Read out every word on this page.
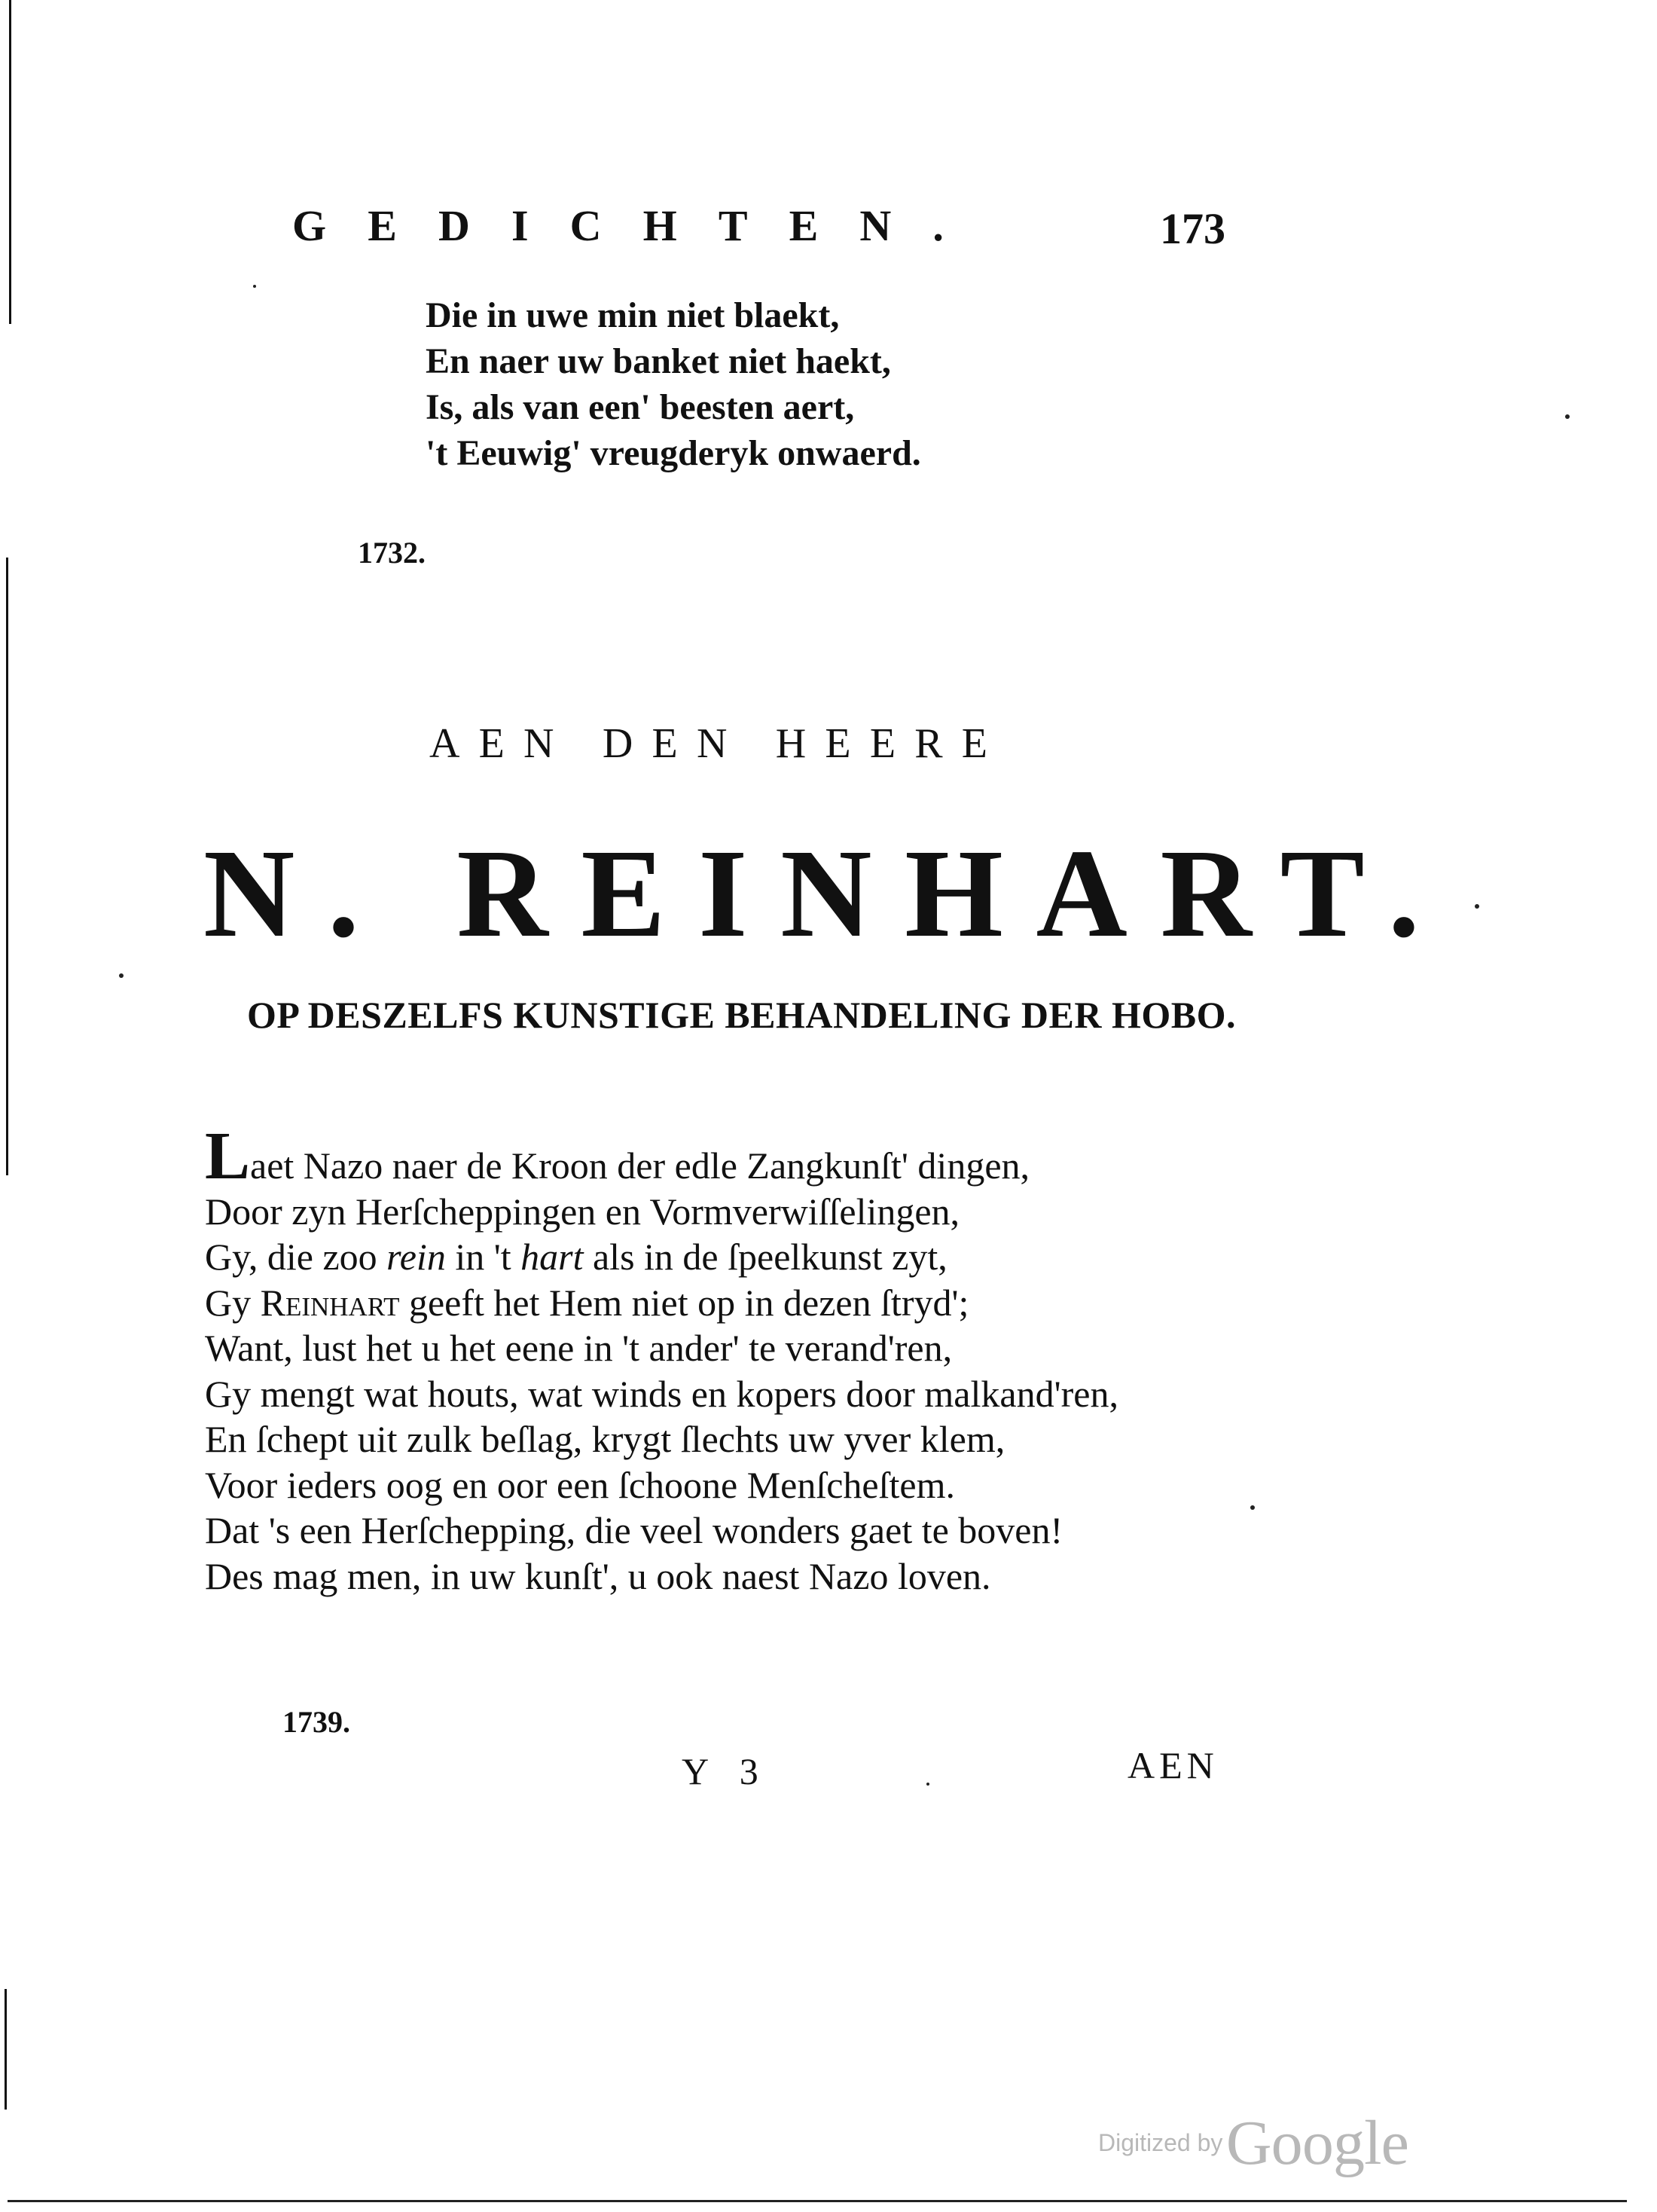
GEDICHTEN.	173
Die in uwe min niet blaekt,
En naer uw banket niet haekt,
Is, als van een' beesten aert,
't Eeuwig' vreugderyk onwaerd.
1732.
AEN DEN HEERE
N. REINHART.
OP DESZELFS KUNSTIGE BEHANDELING DER HOBO.
Laet Nazo naer de Kroon der edle Zangkunſt' dingen,
Door zyn Herſcheppingen en Vormverwiſſelingen,
Gy, die zoo rein in 't hart als in de ſpeelkunst zyt,
Gy Reinhart geeft het Hem niet op in dezen ſtryd';
Want, lust het u het eene in 't ander' te verand'ren,
Gy mengt wat houts, wat winds en kopers door malkand'ren,
En ſchept uit zulk beſlag, krygt ſlechts uw yver klem,
Voor ieders oog en oor een ſchoone Menſcheſtem.
Dat 's een Herſchepping, die veel wonders gaet te boven!
Des mag men, in uw kunſt', u ook naest Nazo loven.
1739.
Y 3	AEN
Digitized by Google
